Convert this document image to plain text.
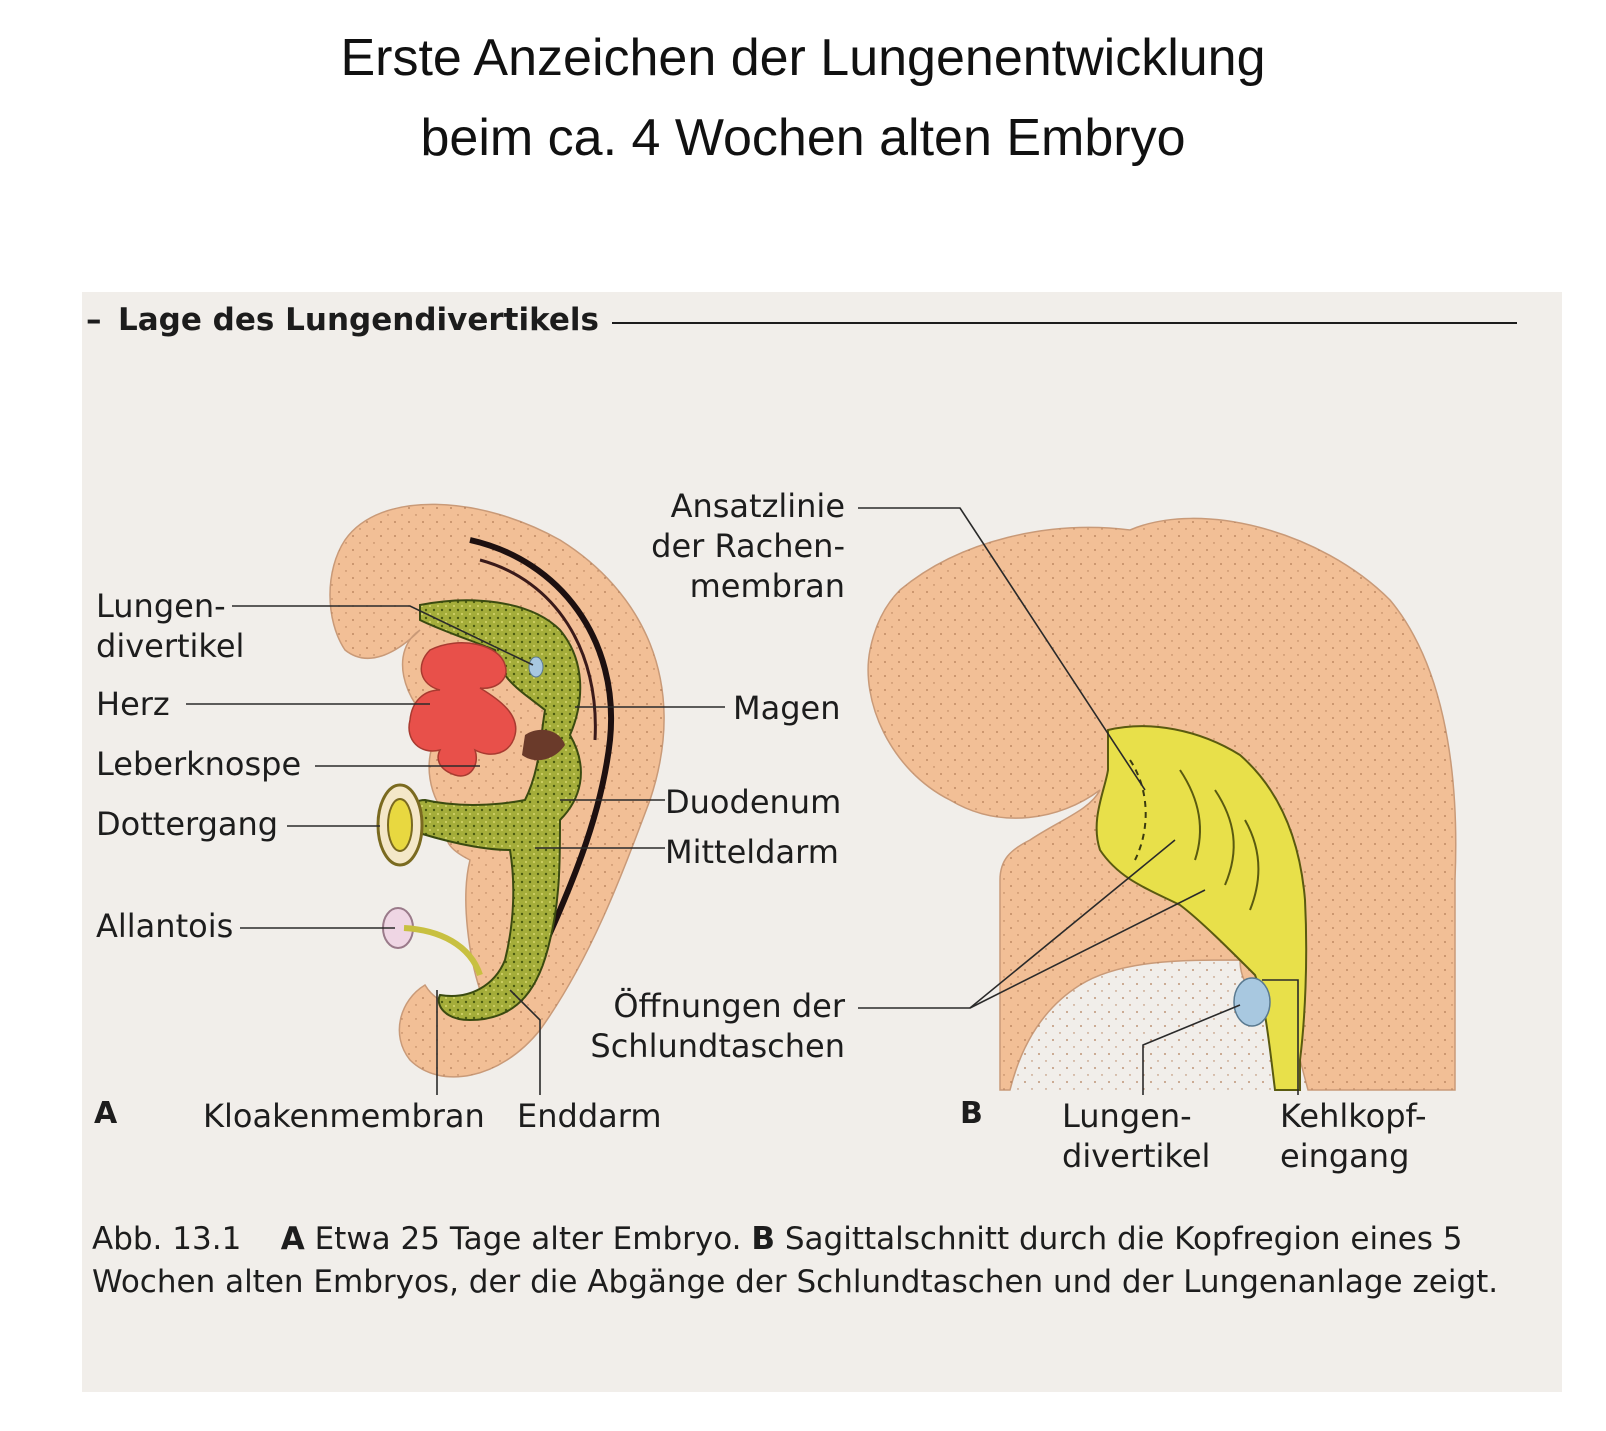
Erste Anzeichen der Lungenentwicklung
beim ca. 4 Wochen alten Embryo
– Lage des Lungendivertikels
Lungen-
divertikel
Herz
Leberknospe
Dottergang
Allantois
Magen
Duodenum
Mitteldarm
Kloakenmembran Enddarm
A
Ansatzlinie
der Rachen-
membran
Öffnungen der
Schlundtaschen
B Lungen-
divertikel
Kehlkopf-
eingang
Abb. 13.1 A Etwa 25 Tage alter Embryo. B Sagittalschnitt durch die Kopfregion eines 5 Wochen alten Embryos, der die Abgänge der Schlundtaschen und der Lungenanlage zeigt.
